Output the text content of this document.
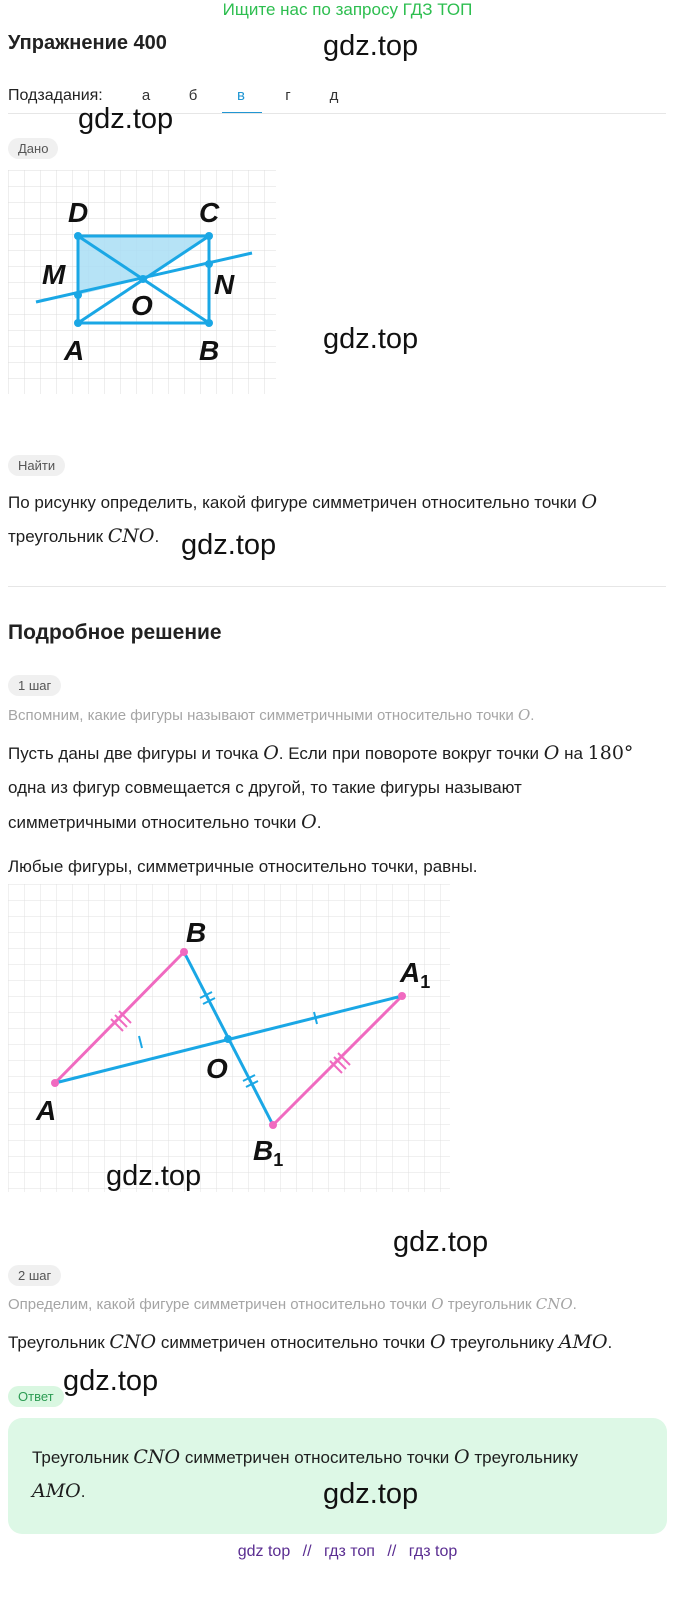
Ищите нас по запросу ГДЗ ТОП
Упражнение 400	gdz.top
Подзадания:	а	б	в	г	д
gdz.top
Дано
D	C
M	N
O
A	B	gdz.top
Найти
По рисунку определить, какой фигуре симметричен относительно точки O
треугольник CNO. gdz.top
Подробное решение
1 шаг
Вспомним, какие фигуры называют симметричными относительно точки O.
Пусть даны две фигуры и точка O. Если при повороте вокруг точки O на 180°
одна из фигур совмещается с другой, то такие фигуры называют
симметричными относительно точки O.
Любые фигуры, симметричные относительно точки, равны.
B
$A_1$
O
A
$B_1$
gdz.top
gdz.top
2 шаг
Определим, какой фигуре симметричен относительно точки O треугольник CNO.
Треугольник CNO симметричен относительно точки O треугольнику AMO.
Ответ gdz.top
Треугольник CNO симметричен относительно точки O треугольнику
AMO.	gdz.top
gdz top // гдз топ // гдз top
